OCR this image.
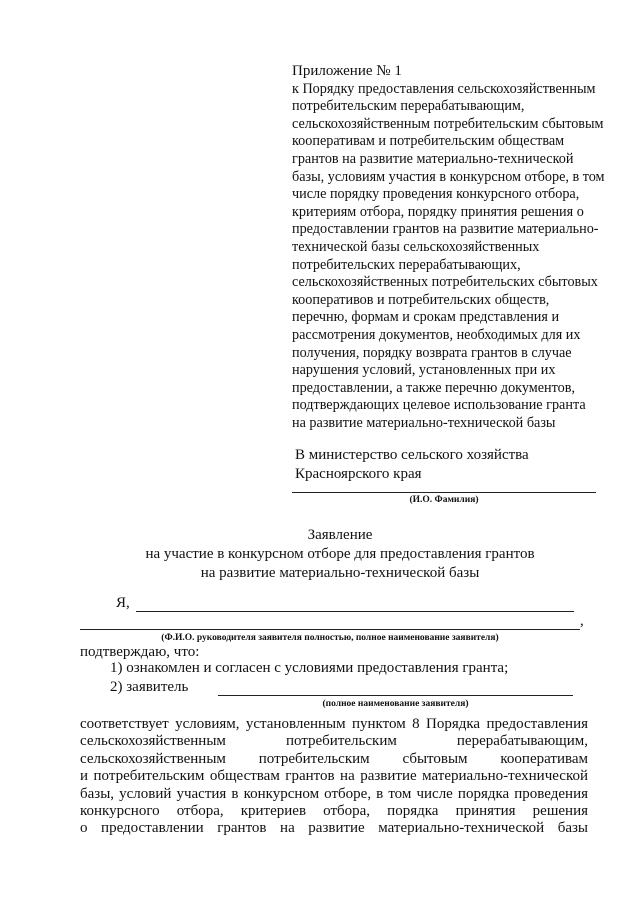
Приложение № 1
к Порядку предоставления сельскохозяйственным
потребительским перерабатывающим,
сельскохозяйственным потребительским сбытовым
кооперативам и потребительским обществам
грантов на развитие материально-технической
базы, условиям участия в конкурсном отборе, в том
числе порядку проведения конкурсного отбора,
критериям отбора, порядку принятия решения о
предоставлении грантов на развитие материально-
технической базы сельскохозяйственных
потребительских перерабатывающих,
сельскохозяйственных потребительских сбытовых
кооперативов и потребительских обществ,
перечню, формам и срокам представления и
рассмотрения документов, необходимых для их
получения, порядку возврата грантов в случае
нарушения условий, установленных при их
предоставлении, а также перечню документов,
подтверждающих целевое использование гранта
на развитие материально-технической базы
В министерство сельского хозяйства
Красноярского края
(И.О. Фамилия)
Заявление
на участие в конкурсном отборе для предоставления грантов
на развитие материально-технической базы
Я,
,
(Ф.И.О. руководителя заявителя полностью, полное наименование заявителя)
подтверждаю, что:
1) ознакомлен и согласен с условиями предоставления гранта;
2) заявитель
(полное наименование заявителя)
соответствует условиям, установленным пунктом 8 Порядка предоставления
сельскохозяйственным потребительским перерабатывающим,
сельскохозяйственным потребительским сбытовым кооперативам
и потребительским обществам грантов на развитие материально-технической
базы, условий участия в конкурсном отборе, в том числе порядка проведения
конкурсного отбора, критериев отбора, порядка принятия решения
о предоставлении грантов на развитие материально-технической базы
